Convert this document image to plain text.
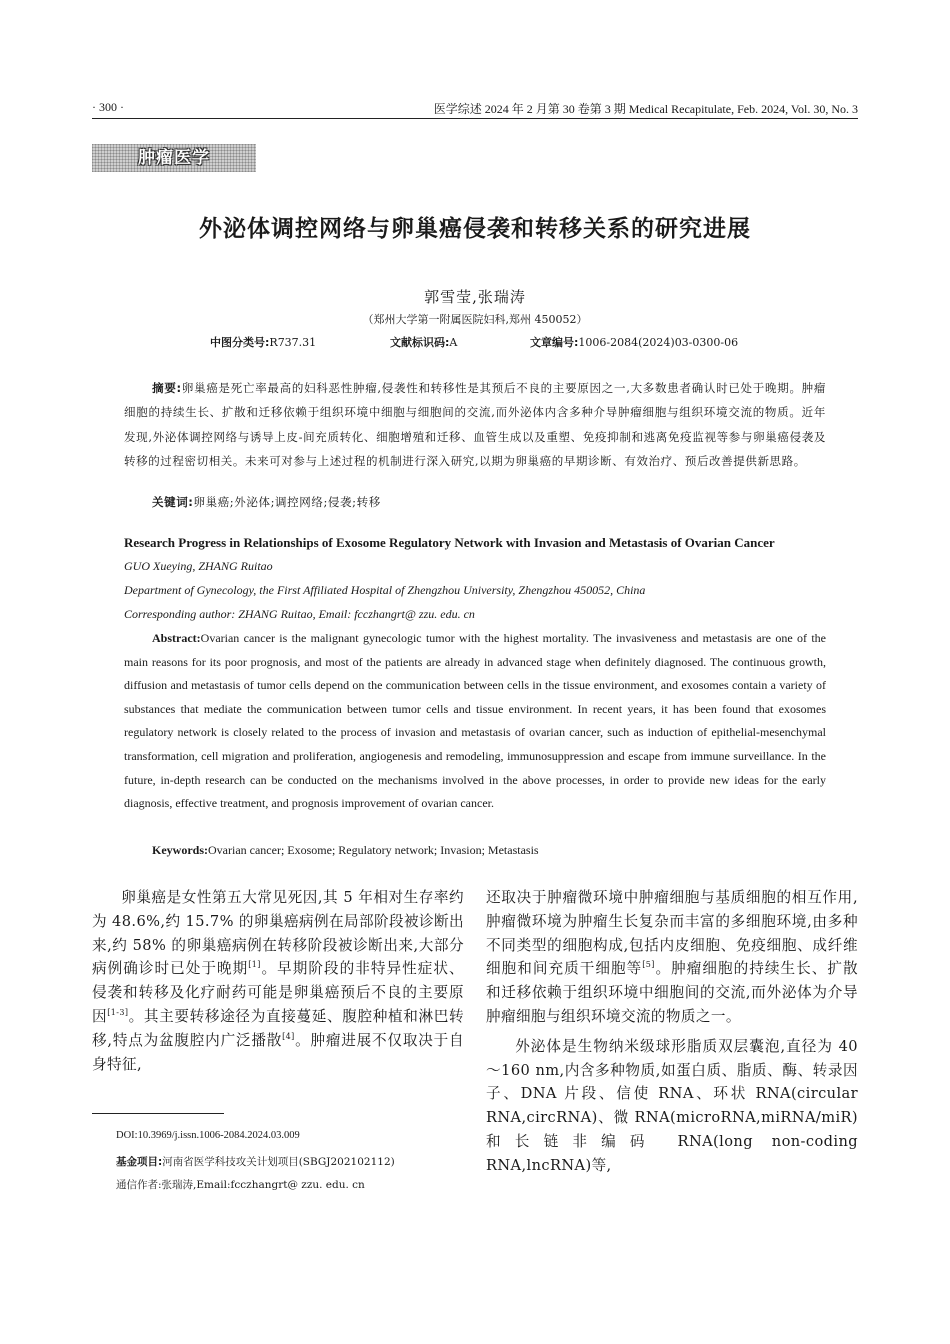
· 300 ·	医学综述 2024 年 2 月第 30 卷第 3 期 Medical Recapitulate, Feb. 2024, Vol. 30, No. 3
肿瘤医学
外泌体调控网络与卵巢癌侵袭和转移关系的研究进展
郭雪莹,张瑞涛
（郑州大学第一附属医院妇科,郑州 450052）
中图分类号:R737.31	文献标识码:A	文章编号:1006-2084(2024)03-0300-06
摘要:卵巢癌是死亡率最高的妇科恶性肿瘤,侵袭性和转移性是其预后不良的主要原因之一,大多数患者确认时已处于晚期。肿瘤细胞的持续生长、扩散和迁移依赖于组织环境中细胞与细胞间的交流,而外泌体内含多种介导肿瘤细胞与组织环境交流的物质。近年发现,外泌体调控网络与诱导上皮-间充质转化、细胞增殖和迁移、血管生成以及重塑、免疫抑制和逃离免疫监视等参与卵巢癌侵袭及转移的过程密切相关。未来可对参与上述过程的机制进行深入研究,以期为卵巢癌的早期诊断、有效治疗、预后改善提供新思路。
关键词:卵巢癌;外泌体;调控网络;侵袭;转移
Research Progress in Relationships of Exosome Regulatory Network with Invasion and Metastasis of Ovarian Cancer
GUO Xueying, ZHANG Ruitao
Department of Gynecology, the First Affiliated Hospital of Zhengzhou University, Zhengzhou 450052, China
Corresponding author: ZHANG Ruitao, Email: fcczhangrt@ zzu. edu. cn
Abstract:Ovarian cancer is the malignant gynecologic tumor with the highest mortality. The invasiveness and metastasis are one of the main reasons for its poor prognosis, and most of the patients are already in advanced stage when definitely diagnosed. The continuous growth, diffusion and metastasis of tumor cells depend on the communication between cells in the tissue environment, and exosomes contain a variety of substances that mediate the communication between tumor cells and tissue environment. In recent years, it has been found that exosomes regulatory network is closely related to the process of invasion and metastasis of ovarian cancer, such as induction of epithelial-mesenchymal transformation, cell migration and proliferation, angiogenesis and remodeling, immunosuppression and escape from immune surveillance. In the future, in-depth research can be conducted on the mechanisms involved in the above processes, in order to provide new ideas for the early diagnosis, effective treatment, and prognosis improvement of ovarian cancer.
Keywords:Ovarian cancer; Exosome; Regulatory network; Invasion; Metastasis

卵巢癌是女性第五大常见死因,其 5 年相对生存率约为 48.6%,约 15.7% 的卵巢癌病例在局部阶段被诊断出来,约 58% 的卵巢癌病例在转移阶段被诊断出来,大部分病例确诊时已处于晚期[1]。早期阶段的非特异性症状、侵袭和转移及化疗耐药可能是卵巢癌预后不良的主要原因[1-3]。其主要转移途径为直接蔓延、腹腔种植和淋巴转移,特点为盆腹腔内广泛播散[4]。肿瘤进展不仅取决于自身特征,

还取决于肿瘤微环境中肿瘤细胞与基质细胞的相互作用,肿瘤微环境为肿瘤生长复杂而丰富的多细胞环境,由多种不同类型的细胞构成,包括内皮细胞、免疫细胞、成纤维细胞和间充质干细胞等[5]。肿瘤细胞的持续生长、扩散和迁移依赖于组织环境中细胞间的交流,而外泌体为介导肿瘤细胞与组织环境交流的物质之一。

外泌体是生物纳米级球形脂质双层囊泡,直径为 40～160 nm,内含多种物质,如蛋白质、脂质、酶、转录因子、DNA 片段、信使 RNA、环状 RNA(circular RNA,circRNA)、微 RNA(microRNA,miRNA/miR)和长链非编码 RNA(long non-coding RNA,lncRNA)等,

DOI:10.3969/j.issn.1006-2084.2024.03.009
基金项目:河南省医学科技攻关计划项目(SBGJ202102112)
通信作者:张瑞涛,Email:fcczhangrt@ zzu. edu. cn
